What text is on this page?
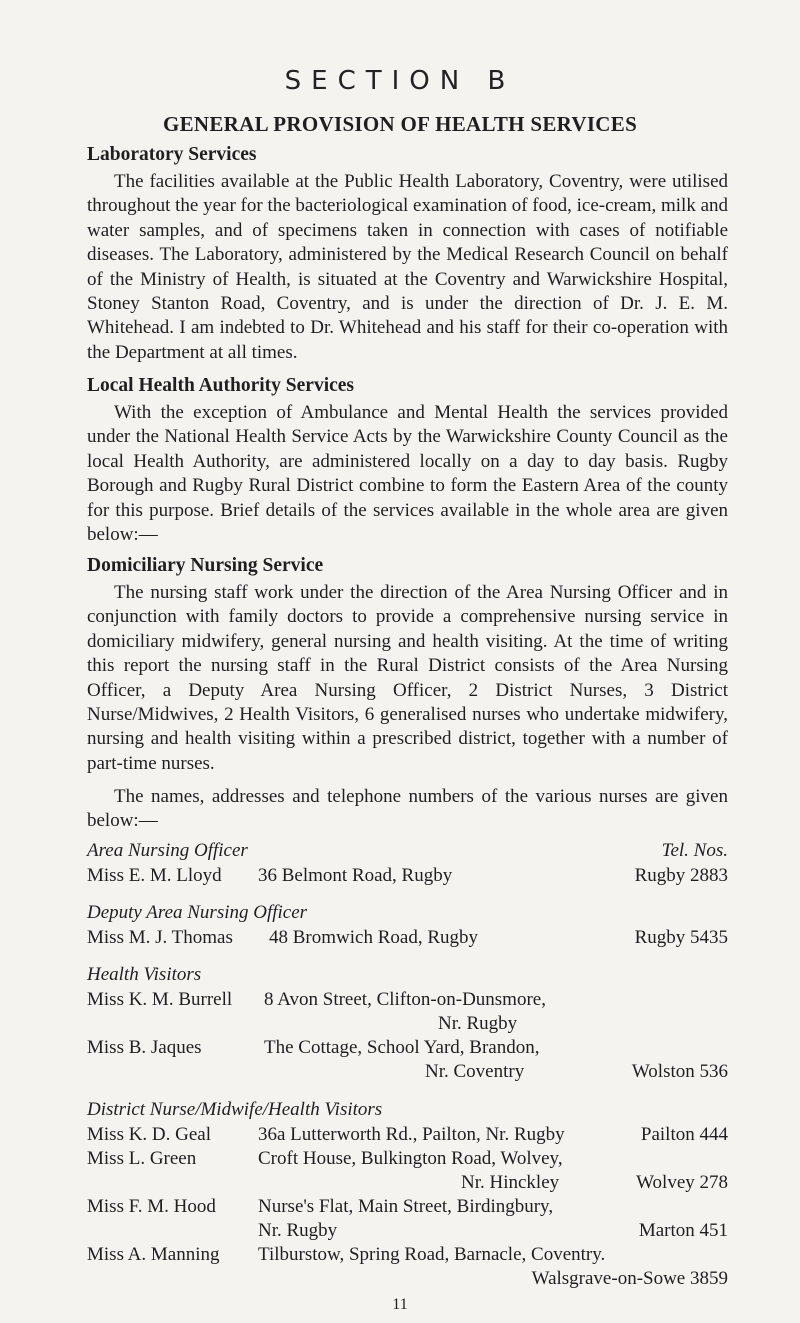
SECTION B
GENERAL PROVISION OF HEALTH SERVICES
Laboratory Services
The facilities available at the Public Health Laboratory, Coventry, were utilised throughout the year for the bacteriological examination of food, ice-cream, milk and water samples, and of specimens taken in connection with cases of notifiable diseases. The Laboratory, administered by the Medical Research Council on behalf of the Ministry of Health, is situated at the Coventry and Warwickshire Hospital, Stoney Stanton Road, Coventry, and is under the direction of Dr. J. E. M. Whitehead. I am indebted to Dr. Whitehead and his staff for their co-operation with the Department at all times.
Local Health Authority Services
With the exception of Ambulance and Mental Health the services provided under the National Health Service Acts by the Warwickshire County Council as the local Health Authority, are administered locally on a day to day basis. Rugby Borough and Rugby Rural District combine to form the Eastern Area of the county for this purpose. Brief details of the services available in the whole area are given below:—
Domiciliary Nursing Service
The nursing staff work under the direction of the Area Nursing Officer and in conjunction with family doctors to provide a comprehensive nursing service in domiciliary midwifery, general nursing and health visiting. At the time of writing this report the nursing staff in the Rural District consists of the Area Nursing Officer, a Deputy Area Nursing Officer, 2 District Nurses, 3 District Nurse/Midwives, 2 Health Visitors, 6 generalised nurses who undertake midwifery, nursing and health visiting within a prescribed district, together with a number of part-time nurses.
The names, addresses and telephone numbers of the various nurses are given below:—
Area Nursing Officer	Tel. Nos.
Miss E. M. Lloyd 36 Belmont Road, Rugby	Rugby 2883
Deputy Area Nursing Officer
Miss M. J. Thomas 48 Bromwich Road, Rugby	Rugby 5435
Health Visitors
Miss K. M. Burrell 8 Avon Street, Clifton-on-Dunsmore,
Nr. Rugby
Miss B. Jaques	The Cottage, School Yard, Brandon,
Nr. Coventry	Wolston 536
District Nurse/Midwife/Health Visitors
Miss K. D. Geal 36a Lutterworth Rd., Pailton, Nr. Rugby	Pailton 444
Miss L. Green	Croft House, Bulkington Road, Wolvey,
Nr. Hinckley	Wolvey 278
Miss F. M. Hood Nurse's Flat, Main Street, Birdingbury,
Nr. Rugby	Marton 451
Miss A. Manning Tilburstow, Spring Road, Barnacle, Coventry.
Walsgrave-on-Sowe 3859
11
